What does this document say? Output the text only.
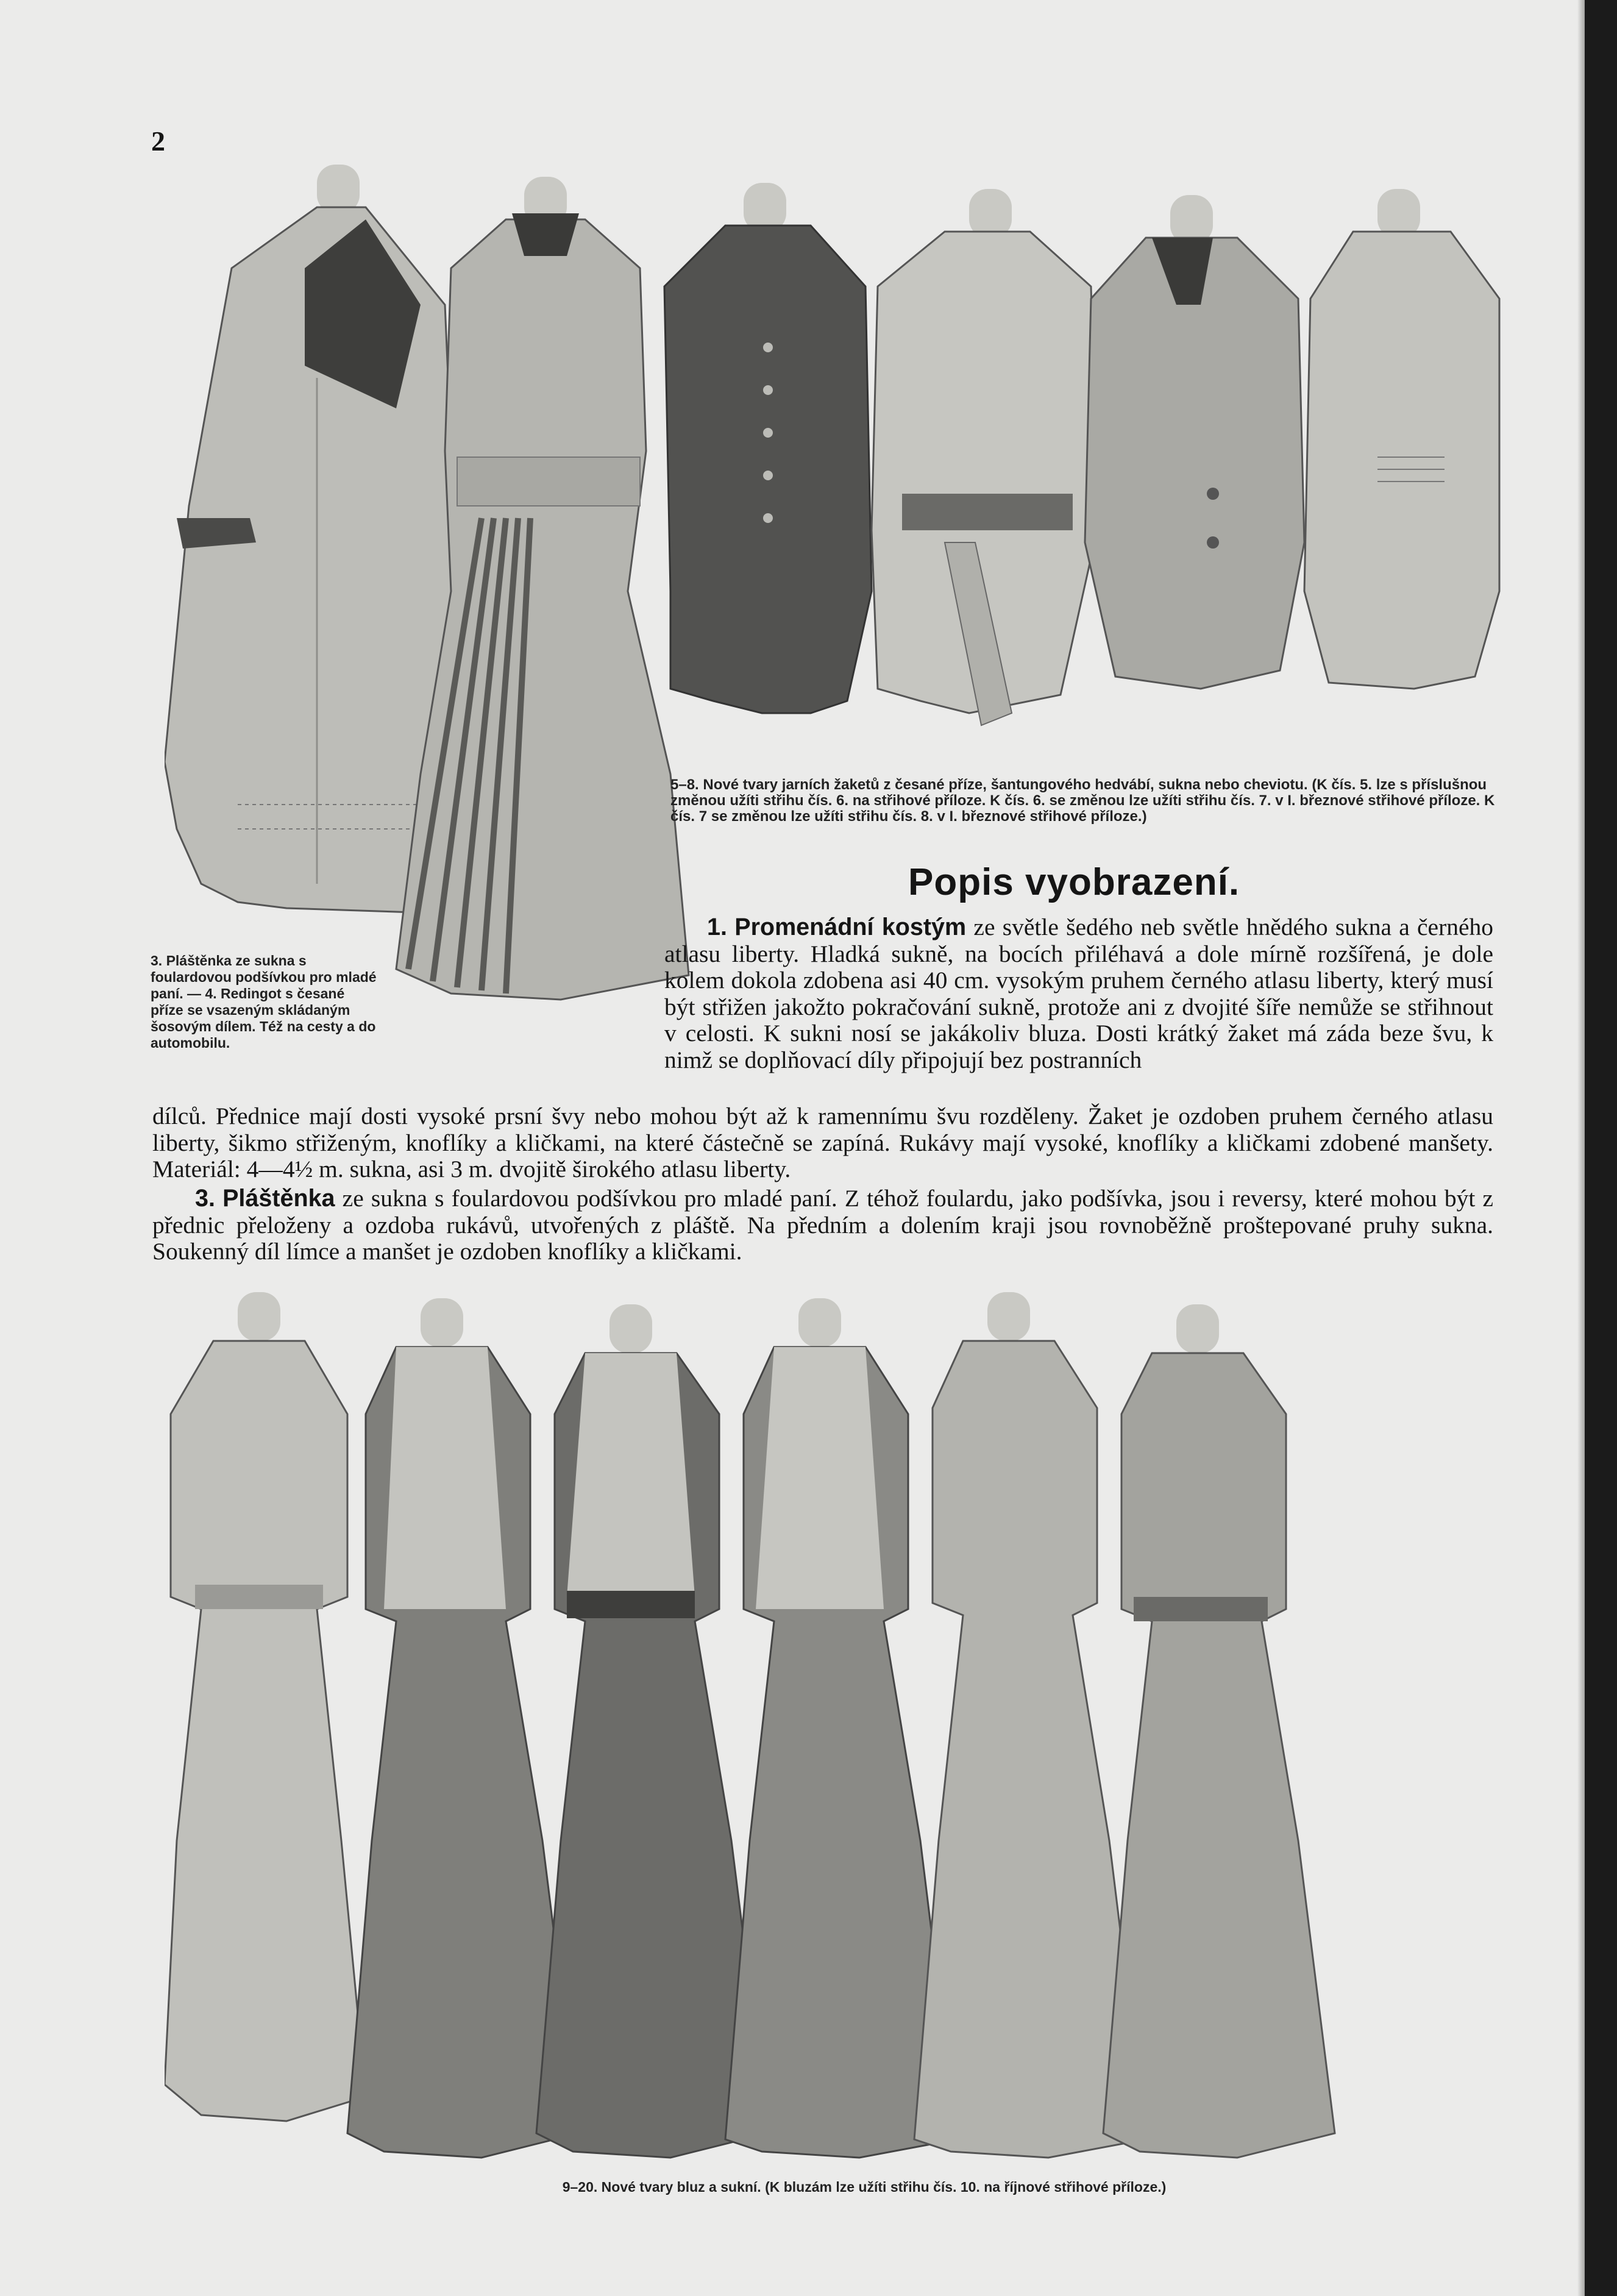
2

3. Pláštěnka ze sukna s foulardovou podšívkou pro mladé paní. — 4. Redingot s česané příze se vsazeným skládaným šosovým dílem. Též na cesty a do automobilu.

5–8. Nové tvary jarních žaketů z česané příze, šantungového hedvábí, sukna nebo cheviotu. (K čís. 5. lze s příslušnou změnou užíti střihu čís. 6. na střihové příloze. K čís. 6. se změnou lze užíti střihu čís. 7. v I. březnové střihové příloze. K čís. 7 se změnou lze užíti střihu čís. 8. v I. březnové střihové příloze.)

Popis vyobrazení.

1. Promenádní kostým ze světle šedého neb světle hnědého sukna a černého atlasu liberty. Hladká sukně, na bocích přiléhavá a dole mírně rozšířená, je dole kolem dokola zdobena asi 40 cm. vysokým pruhem černého atlasu liberty, který musí být střižen jakožto pokračování sukně, protože ani z dvojité šíře nemůže se střihnout v celosti. K sukni nosí se jakákoliv bluza. Dosti krátký žaket má záda beze švu, k nimž se doplňovací díly připojují bez postranních

dílců. Přednice mají dosti vysoké prsní švy nebo mohou být až k ramennímu švu rozděleny. Žaket je ozdoben pruhem černého atlasu liberty, šikmo střiženým, knoflíky a kličkami, na které částečně se zapíná. Rukávy mají vysoké, knoflíky a kličkami zdobené manšety. Materiál: 4—4½ m. sukna, asi 3 m. dvojitě širokého atlasu liberty.

3. Pláštěnka ze sukna s foulardovou podšívkou pro mladé paní. Z téhož foulardu, jako podšívka, jsou i reversy, které mohou být z přednic přeloženy a ozdoba rukávů, utvořených z pláště. Na předním a dolením kraji jsou rovnoběžně proštepované pruhy sukna. Soukenný díl límce a manšet je ozdoben knoflíky a kličkami.

9–20. Nové tvary bluz a sukní. (K bluzám lze užíti střihu čís. 10. na říjnové střihové příloze.)
